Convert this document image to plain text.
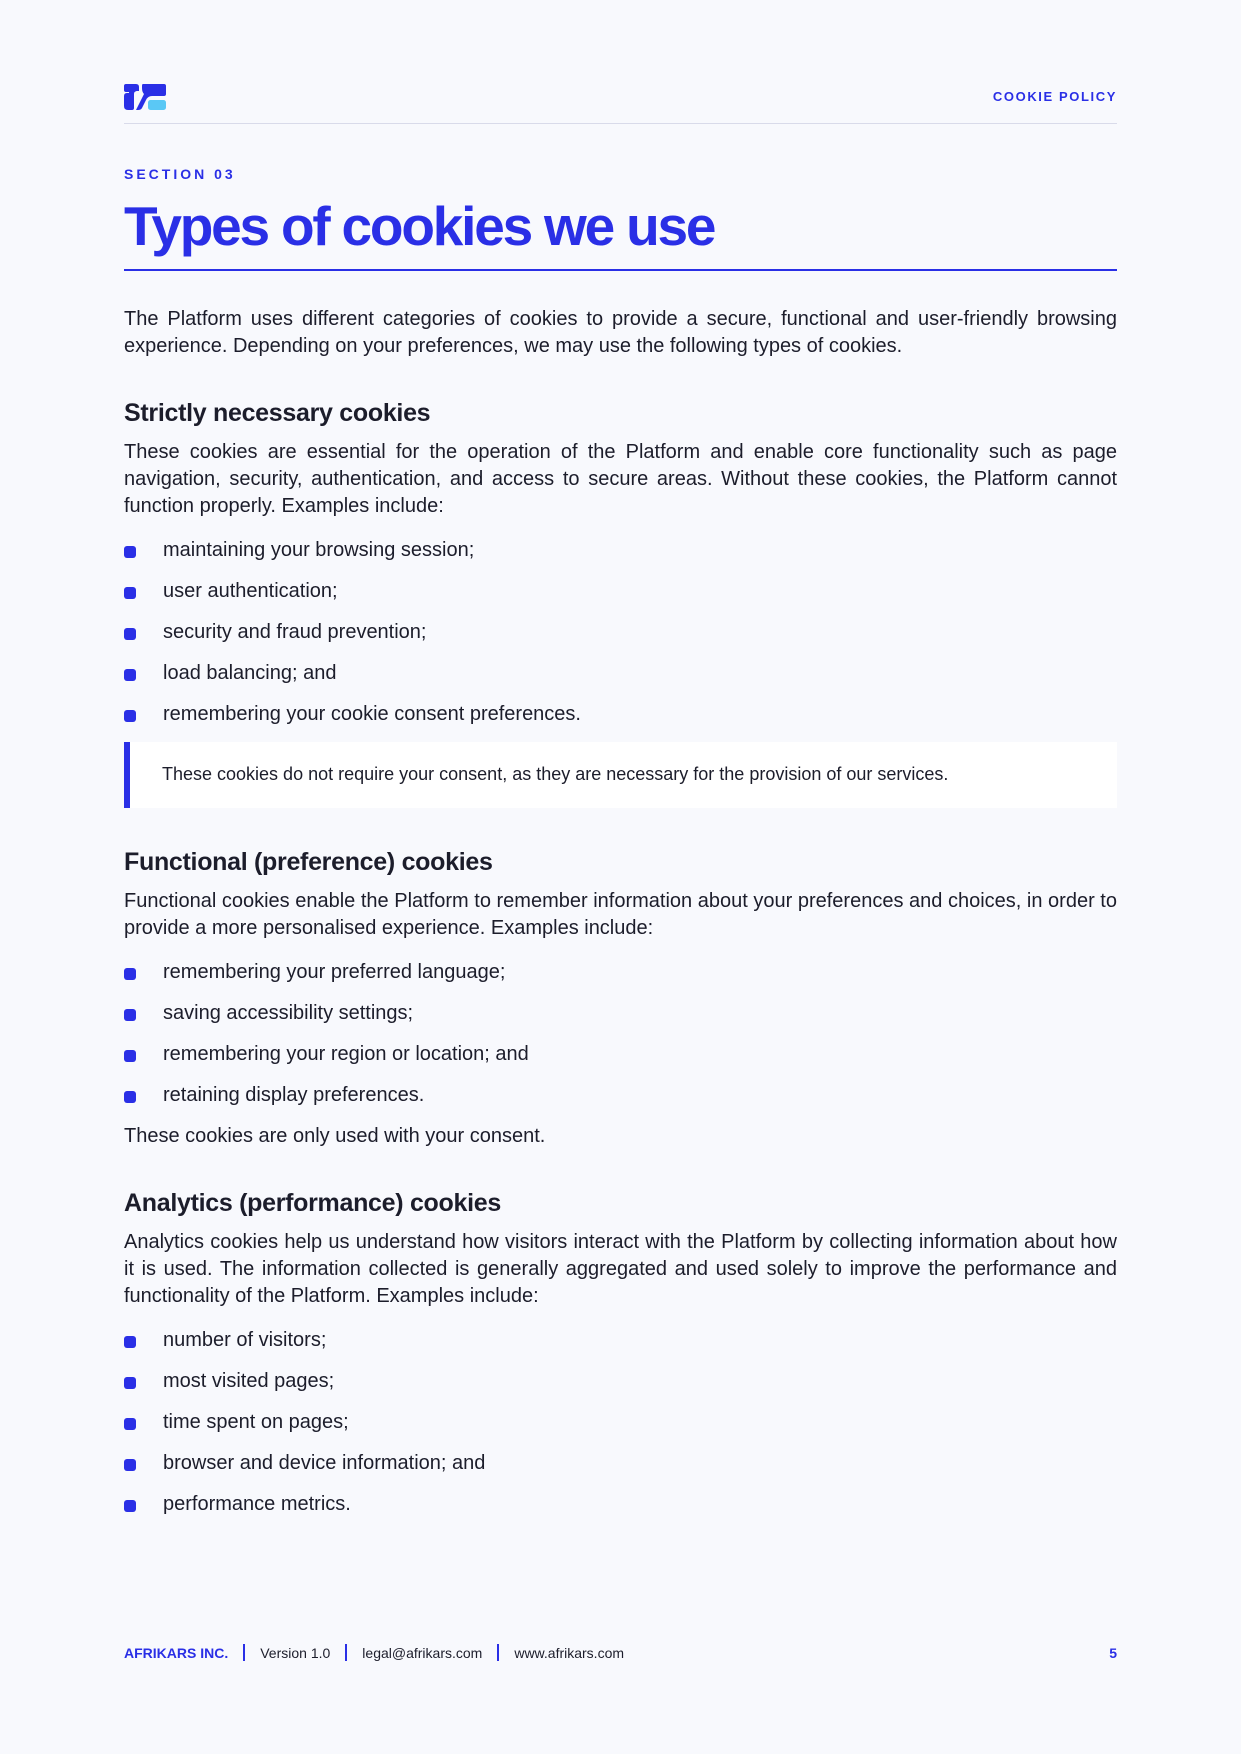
COOKIE POLICY
SECTION 03
Types of cookies we use

The Platform uses different categories of cookies to provide a secure, functional and user-friendly browsing experience. Depending on your preferences, we may use the following types of cookies.

Strictly necessary cookies

These cookies are essential for the operation of the Platform and enable core functionality such as page navigation, security, authentication, and access to secure areas. Without these cookies, the Platform cannot function properly. Examples include:

maintaining your browsing session;
user authentication;
security and fraud prevention;
load balancing; and
remembering your cookie consent preferences.
These cookies do not require your consent, as they are necessary for the provision of our services.
Functional (preference) cookies

Functional cookies enable the Platform to remember information about your preferences and choices, in order to provide a more personalised experience. Examples include:

remembering your preferred language;
saving accessibility settings;
remembering your region or location; and
retaining display preferences.

These cookies are only used with your consent.

Analytics (performance) cookies

Analytics cookies help us understand how visitors interact with the Platform by collecting information about how it is used. The information collected is generally aggregated and used solely to improve the performance and functionality of the Platform. Examples include:

number of visitors;
most visited pages;
time spent on pages;
browser and device information; and
performance metrics.
AFRIKARS INC. Version 1.0 legal@afrikars.com www.afrikars.com	5
